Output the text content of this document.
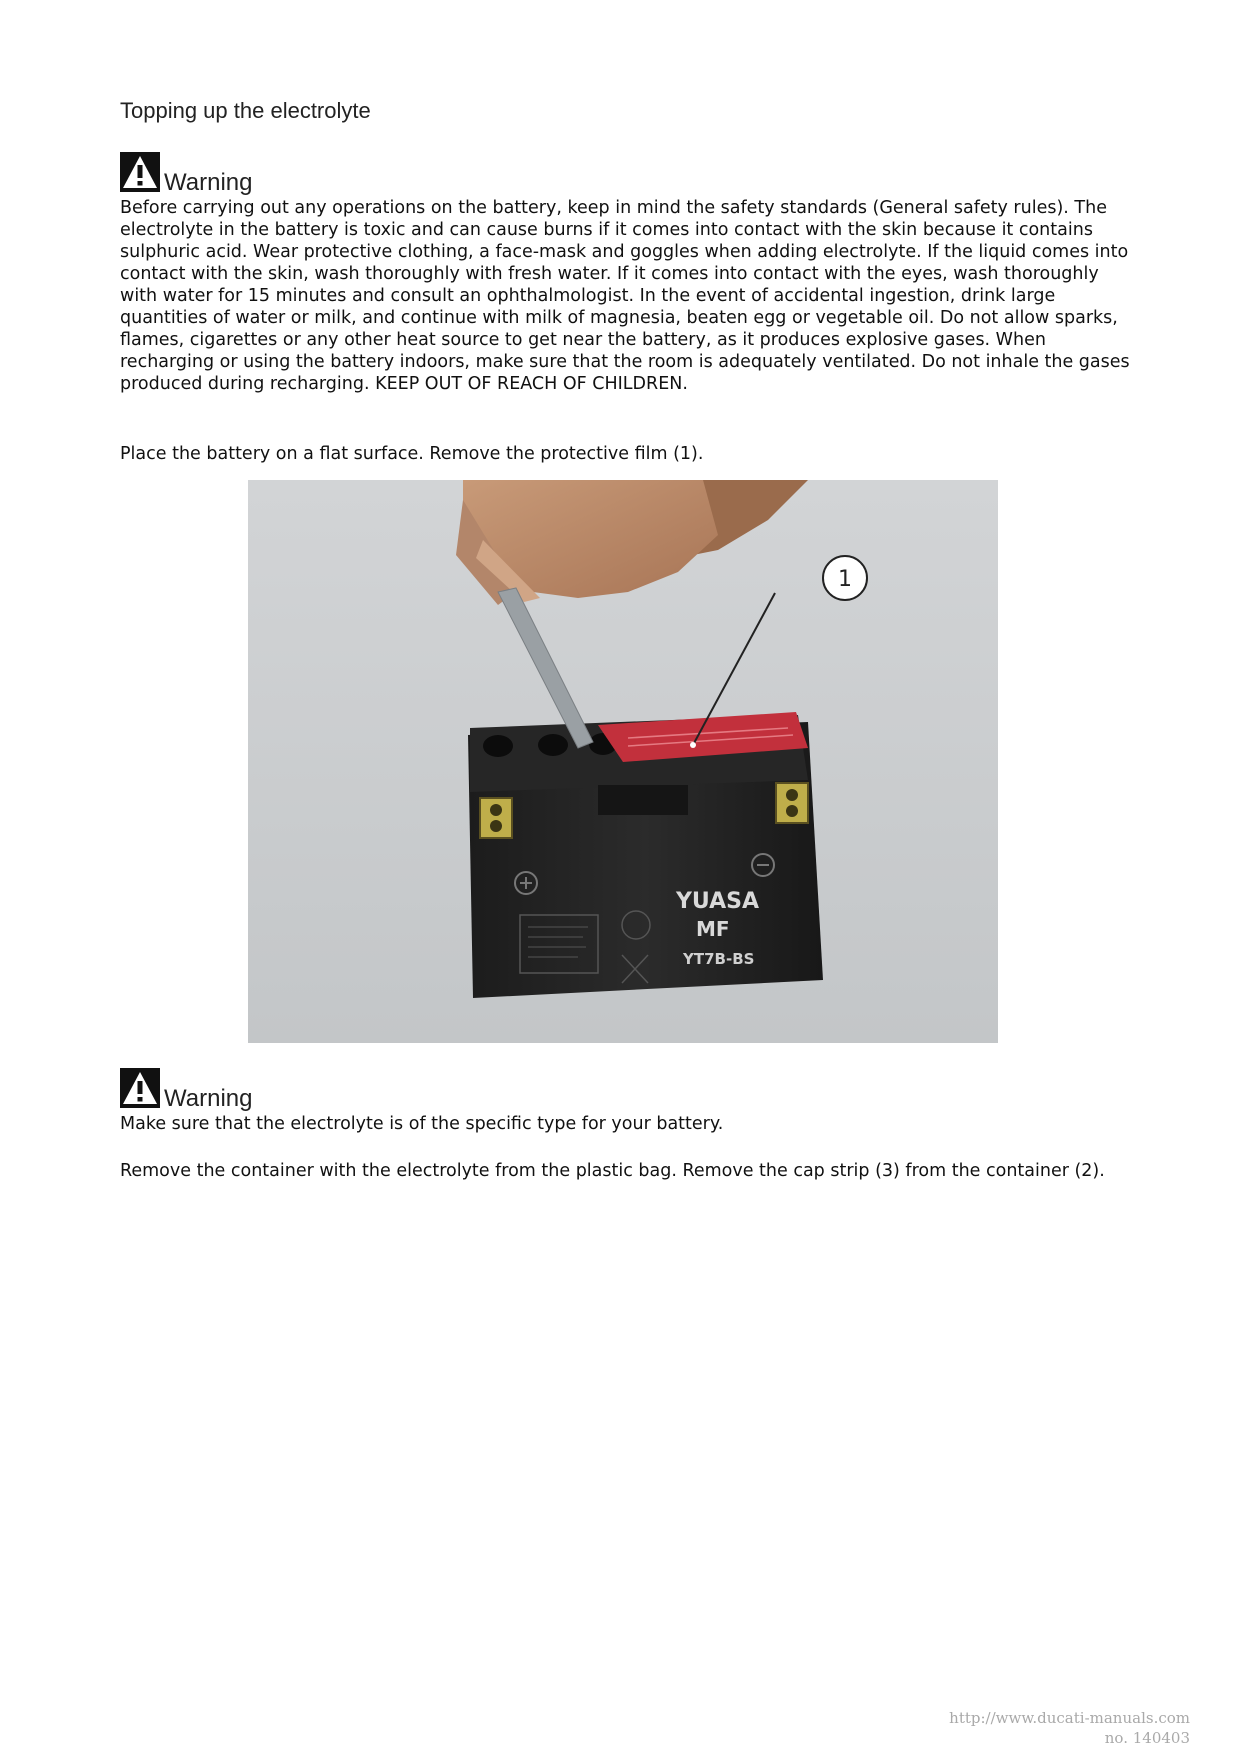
Topping up the electrolyte
Warning

Before carrying out any operations on the battery, keep in mind the safety standards (General safety rules). The electrolyte in the battery is toxic and can cause burns if it comes into contact with the skin because it contains sulphuric acid. Wear protective clothing, a face-mask and goggles when adding electrolyte. If the liquid comes into contact with the skin, wash thoroughly with fresh water. If it comes into contact with the eyes, wash thoroughly with water for 15 minutes and consult an ophthalmologist. In the event of accidental ingestion, drink large quantities of water or milk, and continue with milk of magnesia, beaten egg or vegetable oil. Do not allow sparks, flames, cigarettes or any other heat source to get near the battery, as it produces explosive gases. When recharging or using the battery indoors, make sure that the room is adequately ventilated. Do not inhale the gases produced during recharging. KEEP OUT OF REACH OF CHILDREN.

Place the battery on a flat surface. Remove the protective film (1).

YUASA
MF
YT7B-BS
1
Warning

Make sure that the electrolyte is of the specific type for your battery.

Remove the container with the electrolyte from the plastic bag. Remove the cap strip (3) from the container (2).

http://www.ducati-manuals.com
no. 140403
